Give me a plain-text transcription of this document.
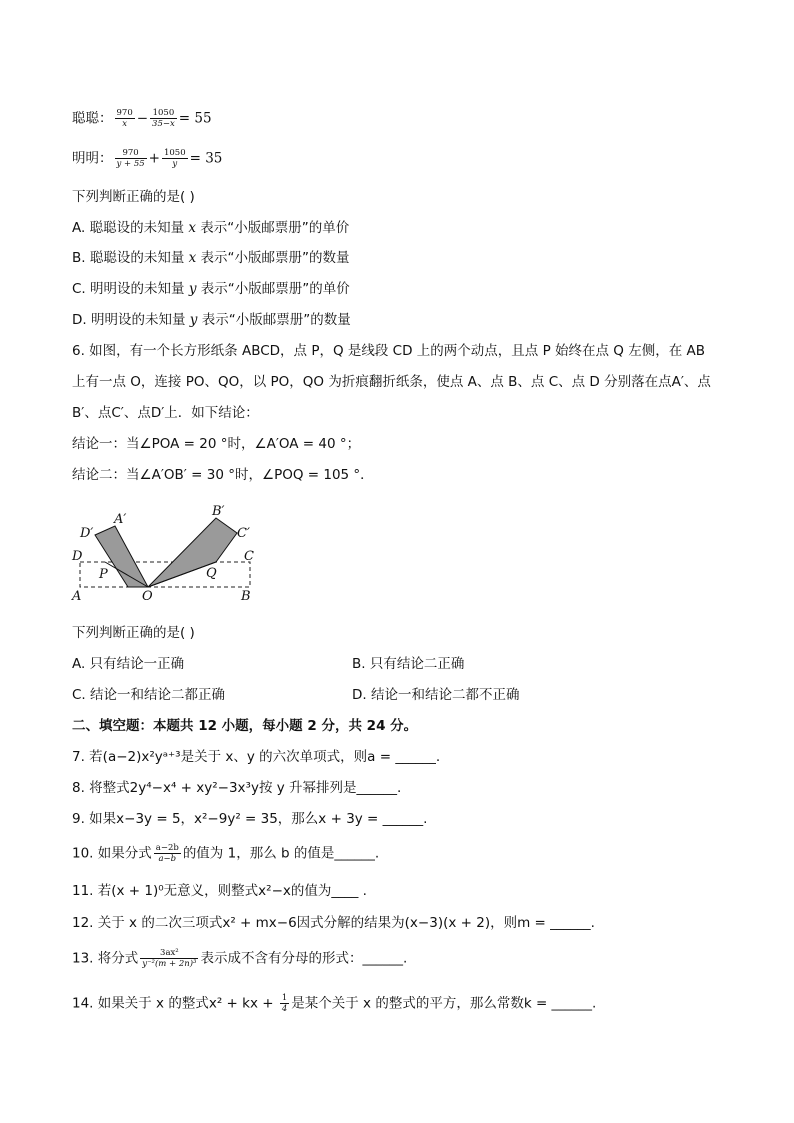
聪聪： $\frac{970}{x} - \frac{1050}{35-x} = 55$
明明： $\frac{970}{y + 55} + \frac{1050}{y} = 35$
下列判断正确的是( )
A. 聪聪设的未知量 x 表示“小版邮票册”的单价
B. 聪聪设的未知量 x 表示“小版邮票册”的数量
C. 明明设的未知量 y 表示“小版邮票册”的单价
D. 明明设的未知量 y 表示“小版邮票册”的数量
6. 如图，有一个长方形纸条 ABCD，点 P，Q 是线段 CD 上的两个动点，且点 P 始终在点 Q 左侧，在 AB
上有一点 O，连接 PO、QO，以 PO，QO 为折痕翻折纸条，使点 A、点 B、点 C、点 D 分别落在点A′、点
B′、点C′、点D′上．如下结论：
结论一：当∠POA = 20 °时，∠A′OA = 40 °；
结论二：当∠A′OB′ = 30 °时，∠POQ = 105 °．
D′
A′
B′
C′
D	C
P	Q
A	O	B
下列判断正确的是( )
A. 只有结论一正确	B. 只有结论二正确
C. 结论一和结论二都正确	D. 结论一和结论二都不正确
二、填空题：本题共 12 小题，每小题 2 分，共 24 分。
7. 若(a−2)x²yᵃ⁺³是关于 x、y 的六次单项式，则a = ______.
8. 将整式2y⁴−x⁴ + xy²−3x³y按 y 升幂排列是______.
9. 如果x−3y = 5，x²−9y² = 35，那么x + 3y = ______.
10. 如果分式 $\frac{a-2b}{a-b}$ 的值为 1，那么 b 的值是______.
11. 若(x + 1)⁰无意义，则整式x²−x的值为____ .
12. 关于 x 的二次三项式x² + mx−6因式分解的结果为(x−3)(x + 2)，则m = ______.
13. 将分式 $\frac{\text{3ax²}}{\text{y⁻²(m + 2n)³}}$ 表示成不含有分母的形式：______.
14. 如果关于 x 的整式x² + kx + $\frac{1}{4}$ 是某个关于 x 的整式的平方，那么常数k = ______.
